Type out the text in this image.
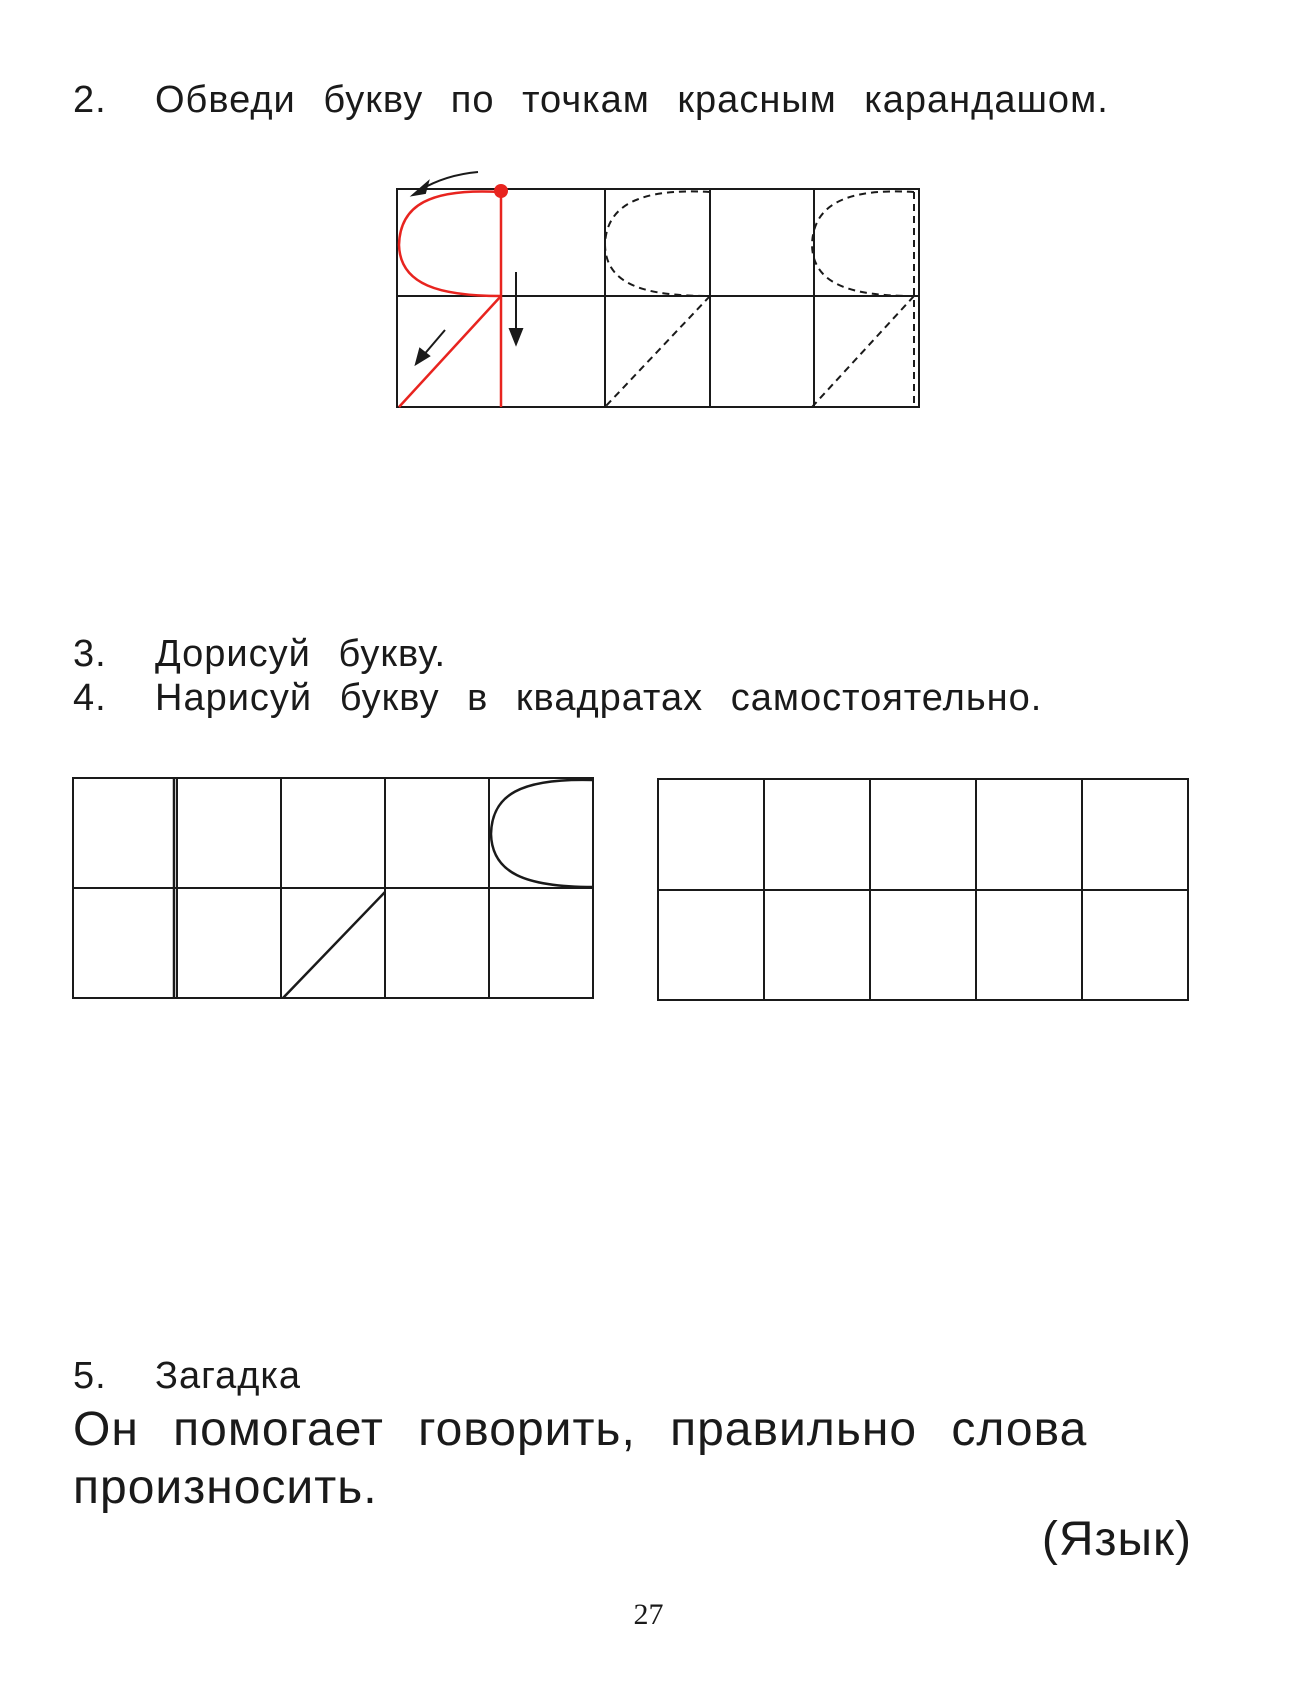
2. Обведи букву по точкам красным карандашом.
3. Дорисуй букву.
4. Нарисуй букву в квадратах самостоятельно.
5. Загадка
Он помогает говорить, правильно слова
произносить.
(Язык)
27
